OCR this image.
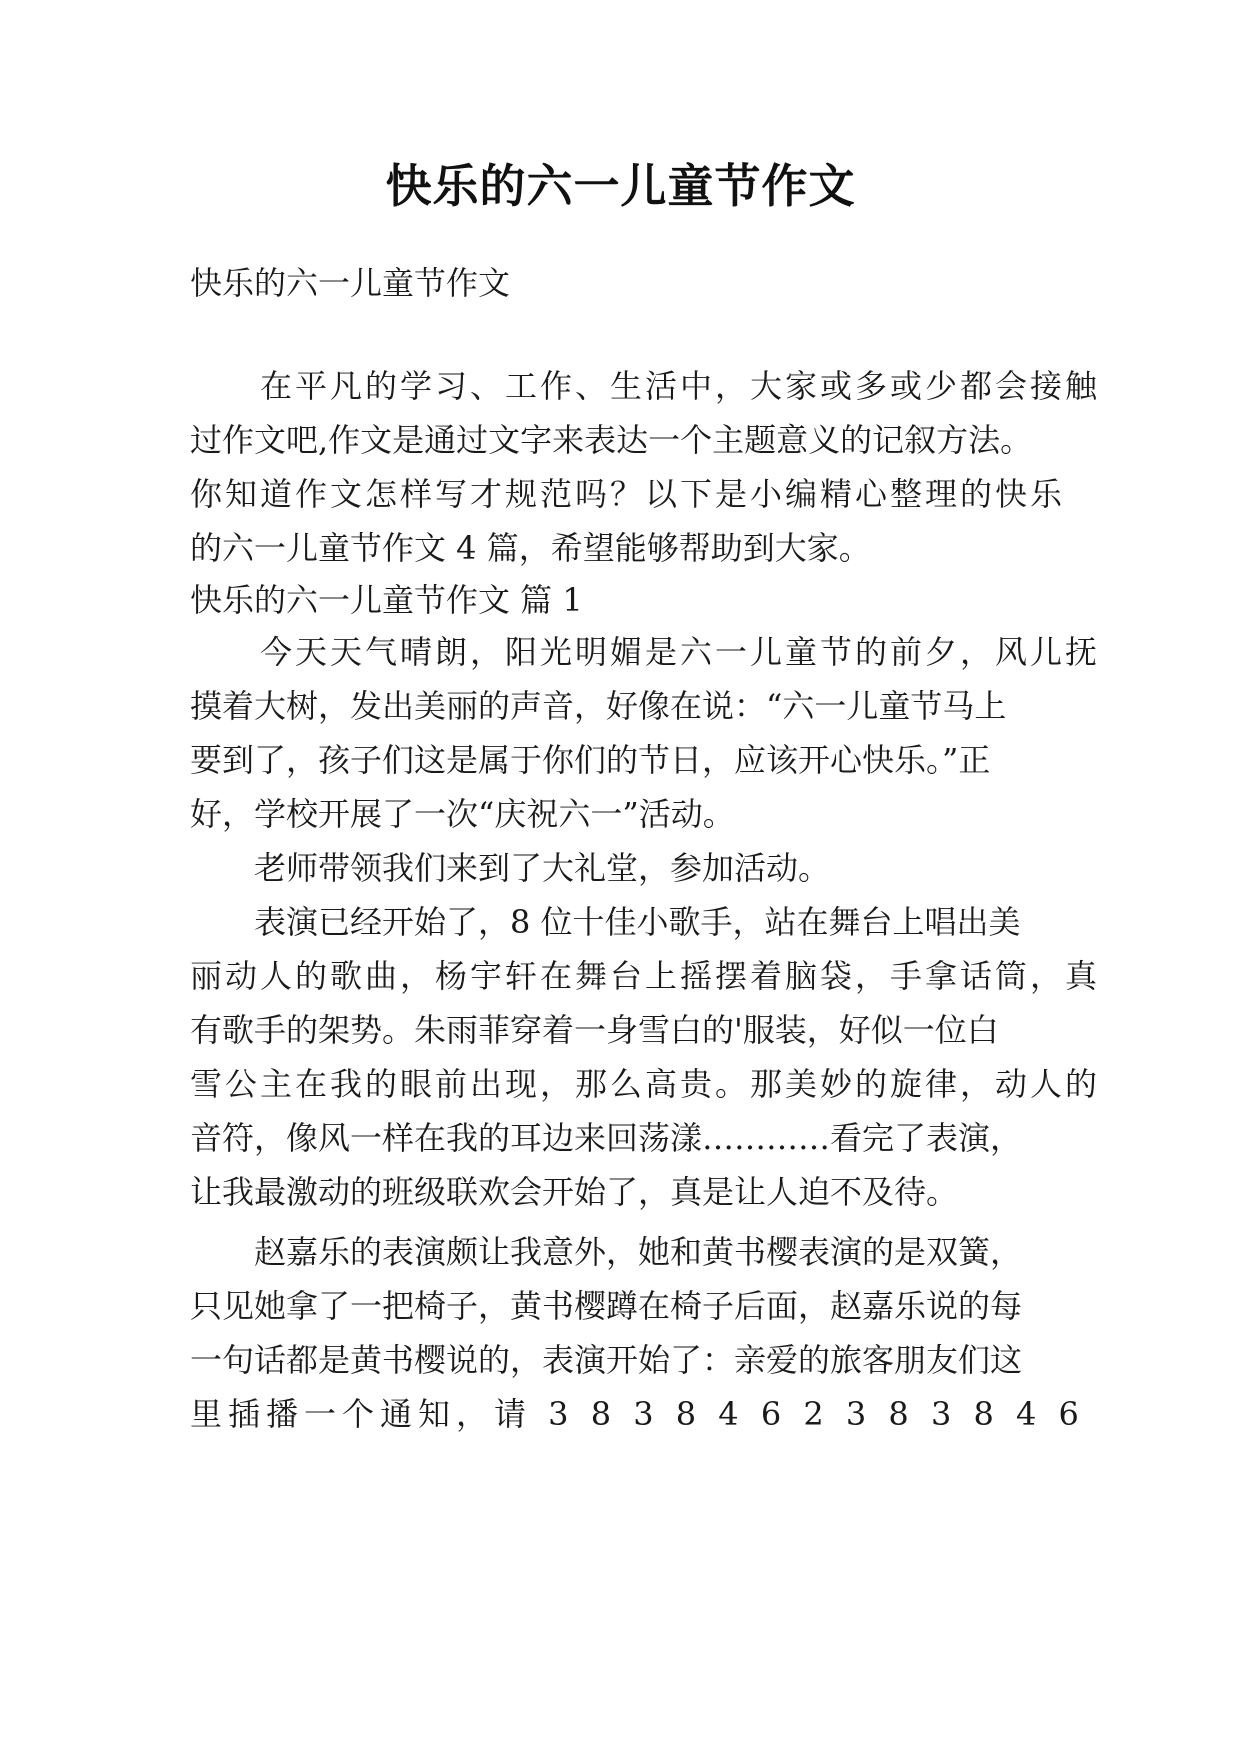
快乐的六一儿童节作文

快乐的六一儿童节作文

　　在平凡的学习、工作、生活中，大家或多或少都会接触

过作文吧,作文是通过文字来表达一个主题意义的记叙方法。

你知道作文怎样写才规范吗？以下是小编精心整理的快乐

的六一儿童节作文 4 篇，希望能够帮助到大家。

快乐的六一儿童节作文 篇 1

　　今天天气晴朗，阳光明媚是六一儿童节的前夕，风儿抚

摸着大树，发出美丽的声音，好像在说：“六一儿童节马上

要到了，孩子们这是属于你们的节日，应该开心快乐。”正

好，学校开展了一次“庆祝六一”活动。

　　老师带领我们来到了大礼堂，参加活动。

　　表演已经开始了，8 位十佳小歌手，站在舞台上唱出美

丽动人的歌曲，杨宇轩在舞台上摇摆着脑袋，手拿话筒，真

有歌手的架势。朱雨菲穿着一身雪白的'服装，好似一位白

雪公主在我的眼前出现，那么高贵。那美妙的旋律，动人的

音符，像风一样在我的耳边来回荡漾…………看完了表演，

让我最激动的班级联欢会开始了，真是让人迫不及待。

　　赵嘉乐的表演颇让我意外，她和黄书樱表演的是双簧，

只见她拿了一把椅子，黄书樱蹲在椅子后面，赵嘉乐说的每

一句话都是黄书樱说的，表演开始了：亲爱的旅客朋友们这

里插播一个通知，请 3 8 3 8 4 6 2 3 8 3 8 4 6
